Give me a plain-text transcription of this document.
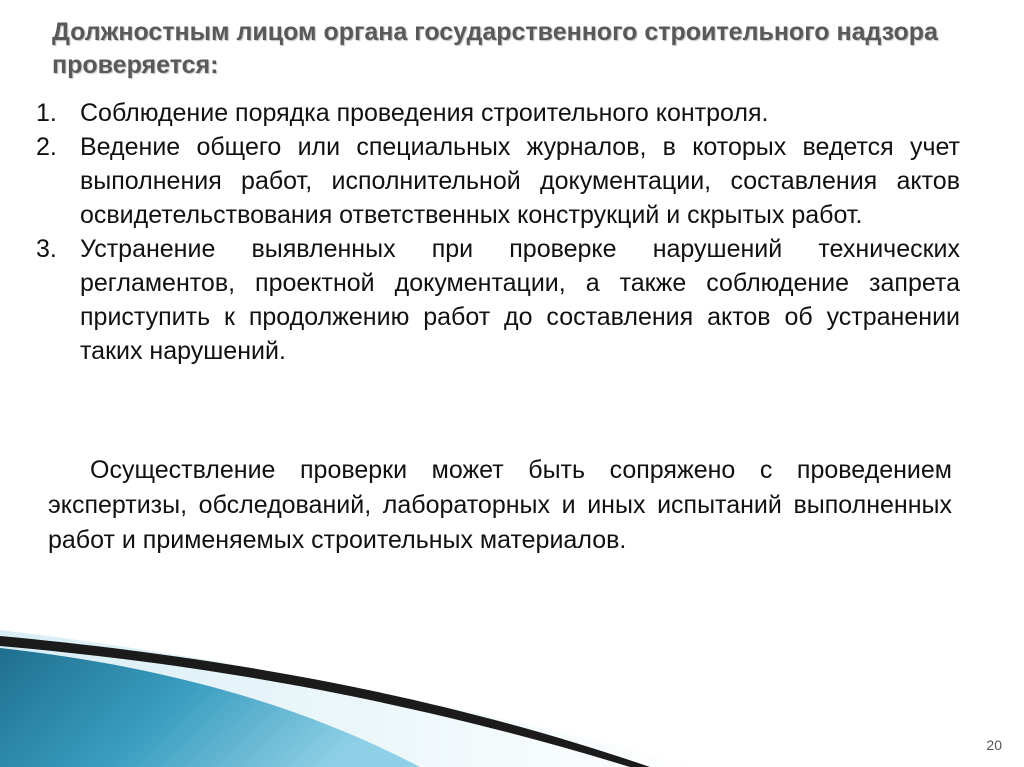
Должностным лицом органа государственного строительного надзора проверяется:
1. Соблюдение порядка проведения строительного контроля.
2. Ведение общего или специальных журналов, в которых ведется учет выполнения работ, исполнительной документации, составления актов освидетельствования ответственных конструкций и скрытых работ.
3. Устранение выявленных при проверке нарушений технических регламентов, проектной документации, а также соблюдение запрета приступить к продолжению работ до составления актов об устранении таких нарушений.

Осуществление проверки может быть сопряжено с проведением экспертизы, обследований, лабораторных и иных испытаний выполненных работ и применяемых строительных материалов.

20
